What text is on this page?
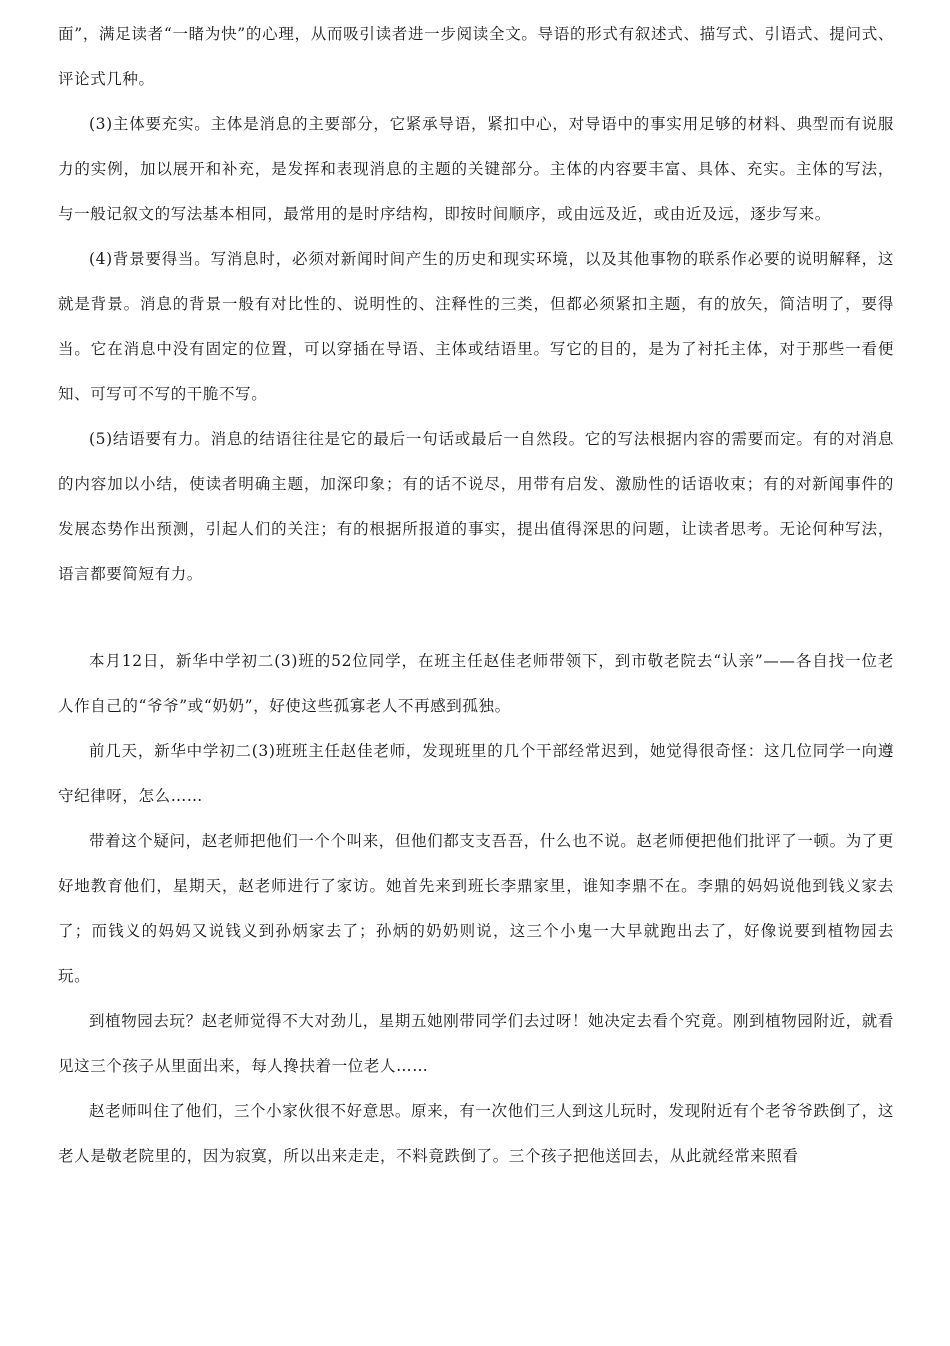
面”，满足读者“一睹为快”的心理，从而吸引读者进一步阅读全文。导语的形式有叙述式、描写式、引语式、提问式、评论式几种。

(3)主体要充实。主体是消息的主要部分，它紧承导语，紧扣中心，对导语中的事实用足够的材料、典型而有说服力的实例，加以展开和补充，是发挥和表现消息的主题的关键部分。主体的内容要丰富、具体、充实。主体的写法，与一般记叙文的写法基本相同，最常用的是时序结构，即按时间顺序，或由远及近，或由近及远，逐步写来。

(4)背景要得当。写消息时，必须对新闻时间产生的历史和现实环境，以及其他事物的联系作必要的说明解释，这就是背景。消息的背景一般有对比性的、说明性的、注释性的三类，但都必须紧扣主题，有的放矢，简洁明了，要得当。它在消息中没有固定的位置，可以穿插在导语、主体或结语里。写它的目的，是为了衬托主体，对于那些一看便知、可写可不写的干脆不写。

(5)结语要有力。消息的结语往往是它的最后一句话或最后一自然段。它的写法根据内容的需要而定。有的对消息的内容加以小结，使读者明确主题，加深印象；有的话不说尽，用带有启发、激励性的话语收束；有的对新闻事件的发展态势作出预测，引起人们的关注；有的根据所报道的事实，提出值得深思的问题，让读者思考。无论何种写法，语言都要简短有力。

本月12日，新华中学初二(3)班的52位同学，在班主任赵佳老师带领下，到市敬老院去“认亲”——各自找一位老人作自己的“爷爷”或“奶奶”，好使这些孤寡老人不再感到孤独。

前几天，新华中学初二(3)班班主任赵佳老师，发现班里的几个干部经常迟到，她觉得很奇怪：这几位同学一向遵守纪律呀，怎么……

带着这个疑问，赵老师把他们一个个叫来，但他们都支支吾吾，什么也不说。赵老师便把他们批评了一顿。为了更好地教育他们，星期天，赵老师进行了家访。她首先来到班长李鼎家里，谁知李鼎不在。李鼎的妈妈说他到钱义家去了；而钱义的妈妈又说钱义到孙炳家去了；孙炳的奶奶则说，这三个小鬼一大早就跑出去了，好像说要到植物园去玩。

到植物园去玩？赵老师觉得不大对劲儿，星期五她刚带同学们去过呀！她决定去看个究竟。刚到植物园附近，就看见这三个孩子从里面出来，每人搀扶着一位老人……

赵老师叫住了他们，三个小家伙很不好意思。原来，有一次他们三人到这儿玩时，发现附近有个老爷爷跌倒了，这老人是敬老院里的，因为寂寞，所以出来走走，不料竟跌倒了。三个孩子把他送回去，从此就经常来照看
